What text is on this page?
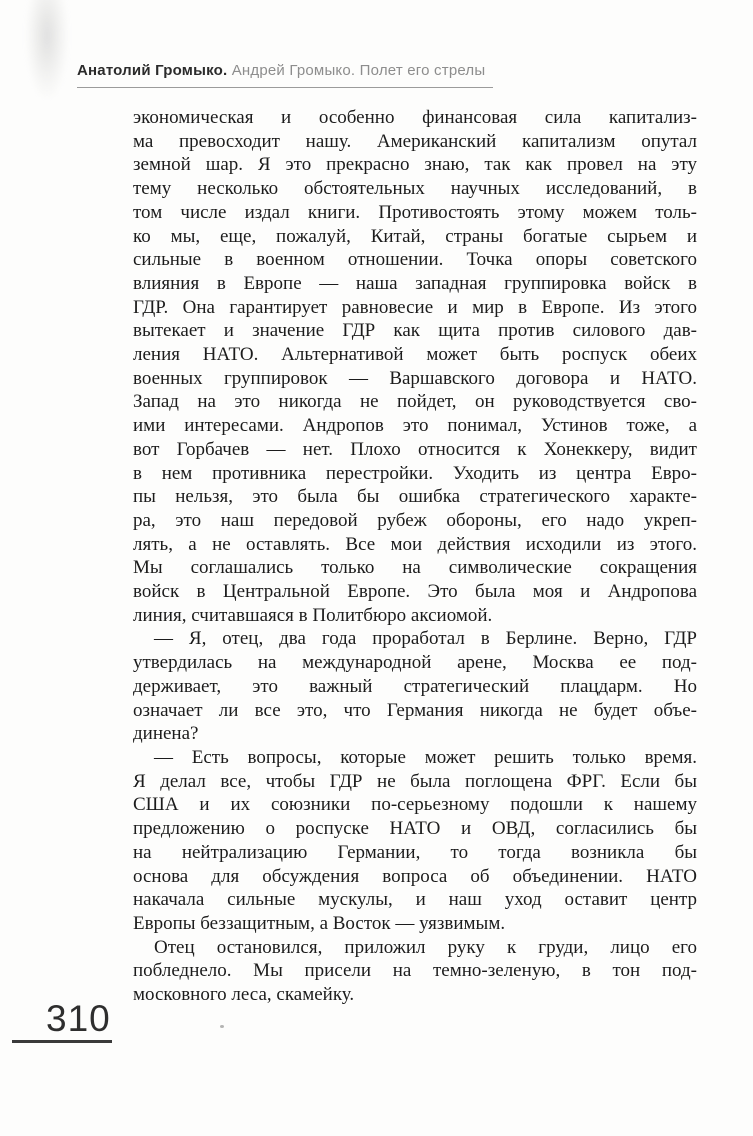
Анатолий Громыко. Андрей Громыко. Полет его стрелы
экономическая и особенно финансовая сила капитализ-
ма превосходит нашу. Американский капитализм опутал
земной шар. Я это прекрасно знаю, так как провел на эту
тему несколько обстоятельных научных исследований, в
том числе издал книги. Противостоять этому можем толь-
ко мы, еще, пожалуй, Китай, страны богатые сырьем и
сильные в военном отношении. Точка опоры советского
влияния в Европе — наша западная группировка войск в
ГДР. Она гарантирует равновесие и мир в Европе. Из этого
вытекает и значение ГДР как щита против силового дав-
ления НАТО. Альтернативой может быть роспуск обеих
военных группировок — Варшавского договора и НАТО.
Запад на это никогда не пойдет, он руководствуется сво-
ими интересами. Андропов это понимал, Устинов тоже, а
вот Горбачев — нет. Плохо относится к Хонеккеру, видит
в нем противника перестройки. Уходить из центра Евро-
пы нельзя, это была бы ошибка стратегического характе-
ра, это наш передовой рубеж обороны, его надо укреп-
лять, а не оставлять. Все мои действия исходили из этого.
Мы соглашались только на символические сокращения
войск в Центральной Европе. Это была моя и Андропова
линия, считавшаяся в Политбюро аксиомой.
— Я, отец, два года проработал в Берлине. Верно, ГДР
утвердилась на международной арене, Москва ее под-
держивает, это важный стратегический плацдарм. Но
означает ли все это, что Германия никогда не будет объе-
динена?
— Есть вопросы, которые может решить только время.
Я делал все, чтобы ГДР не была поглощена ФРГ. Если бы
США и их союзники по-серьезному подошли к нашему
предложению о роспуске НАТО и ОВД, согласились бы
на нейтрализацию Германии, то тогда возникла бы
основа для обсуждения вопроса об объединении. НАТО
накачала сильные мускулы, и наш уход оставит центр
Европы беззащитным, а Восток — уязвимым.
Отец остановился, приложил руку к груди, лицо его
побледнело. Мы присели на темно-зеленую, в тон под-
московного леса, скамейку.
310
